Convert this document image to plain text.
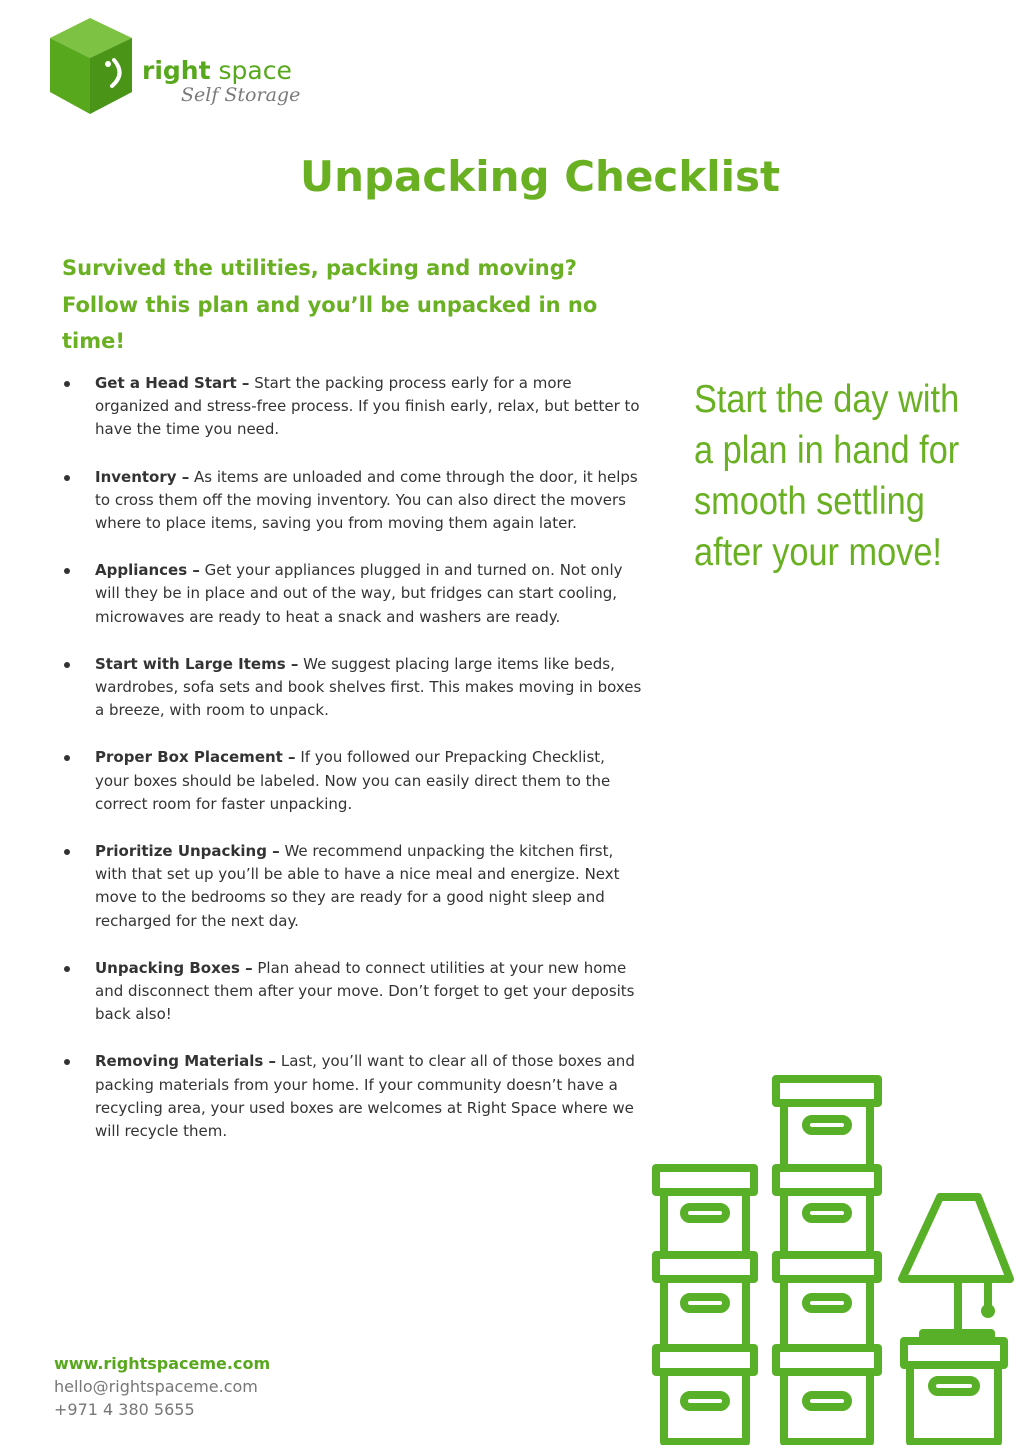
right space
Self Storage
Unpacking Checklist

Survived the utilities, packing and moving? Follow this plan and you’ll be unpacked in no time!

Get a Head Start – Start the packing process early for a more organized and stress-free process. If you finish early, relax, but better to have the time you need.
Inventory – As items are unloaded and come through the door, it helps to cross them off the moving inventory. You can also direct the movers where to place items, saving you from moving them again later.
Appliances – Get your appliances plugged in and turned on. Not only will they be in place and out of the way, but fridges can start cooling, microwaves are ready to heat a snack and washers are ready.
Start with Large Items – We suggest placing large items like beds, wardrobes, sofa sets and book shelves first. This makes moving in boxes a breeze, with room to unpack.
Proper Box Placement – If you followed our Prepacking Checklist, your boxes should be labeled. Now you can easily direct them to the correct room for faster unpacking.
Prioritize Unpacking – We recommend unpacking the kitchen first, with that set up you’ll be able to have a nice meal and energize. Next move to the bedrooms so they are ready for a good night sleep and recharged for the next day.
Unpacking Boxes – Plan ahead to connect utilities at your new home and disconnect them after your move. Don’t forget to get your deposits back also!
Removing Materials – Last, you’ll want to clear all of those boxes and packing materials from your home. If your community doesn’t have a recycling area, your used boxes are welcomes at Right Space where we will recycle them.

Start the day with a plan in hand for smooth settling after your move!

www.rightspaceme.com
hello@rightspaceme.com
+971 4 380 5655
